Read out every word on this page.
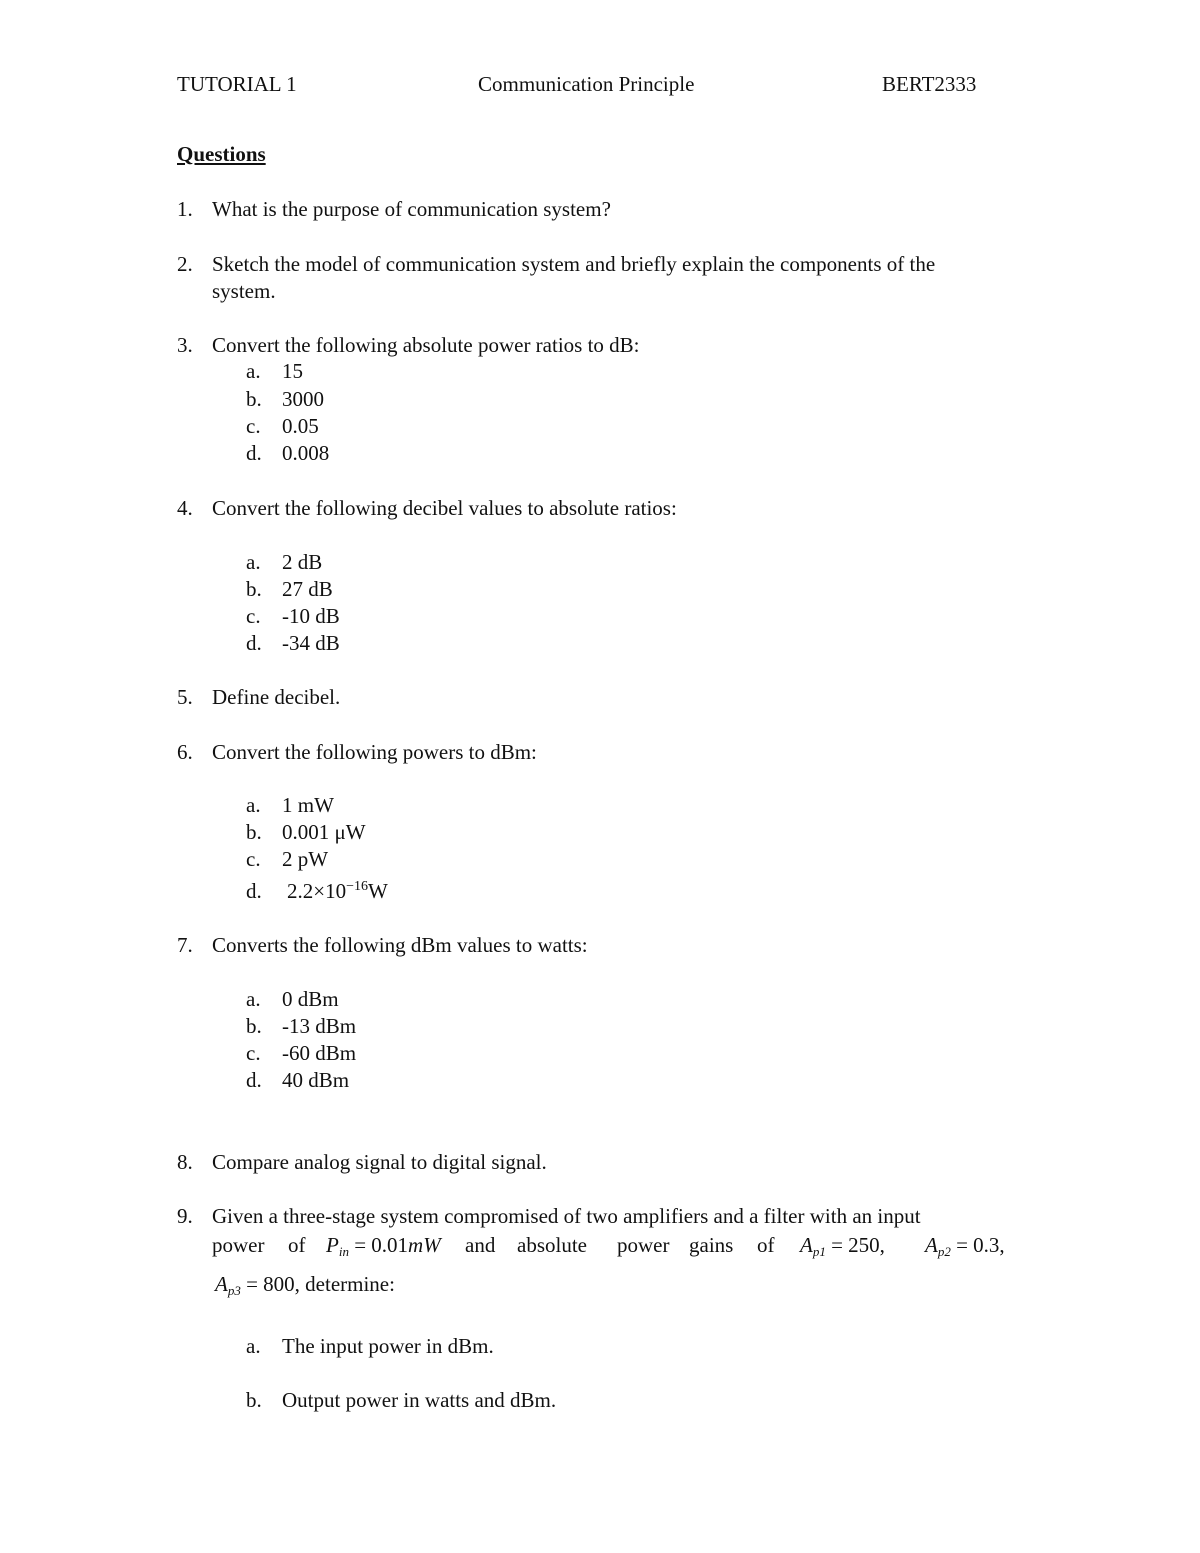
TUTORIAL 1	Communication Principle	BERT2333
Questions
1. What is the purpose of communication system?
2. Sketch the model of communication system and briefly explain the components of the
system.
3. Convert the following absolute power ratios to dB:
a. 15
b. 3000
c. 0.05
d. 0.008
4. Convert the following decibel values to absolute ratios:
a. 2 dB
b. 27 dB
c. -10 dB
d. -34 dB
5. Define decibel.
6. Convert the following powers to dBm:
a. 1 mW
b. 0.001 μW
c. 2 pW
d. $2.2\times 10^{-16}W$
7. Converts the following dBm values to watts:
a. 0 dBm
b. -13 dBm
c. -60 dBm
d. 40 dBm
8. Compare analog signal to digital signal.
9. Given a three-stage system compromised of two amplifiers and a filter with an input
power of $P_{in} = 0.01mW$ and absolute power gains of $A_{p1} = 250$, $A_{p2} = 0.3$,
$A_{p3} = 800$, determine:
a. The input power in dBm.
b. Output power in watts and dBm.
